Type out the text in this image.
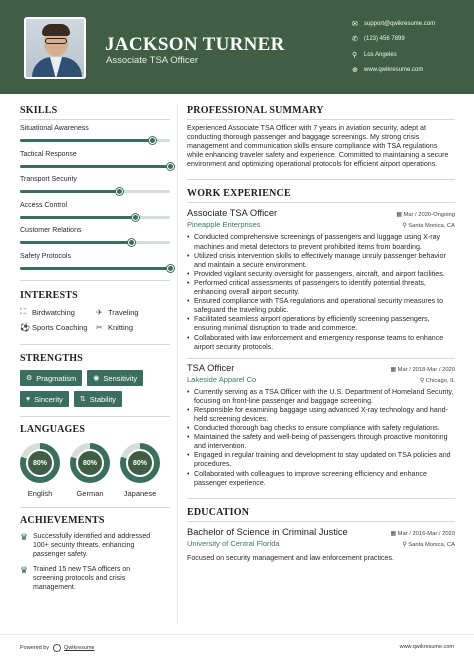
JACKSON TURNER
Associate TSA Officer
✉	support@qwikresume.com
✆	(123) 456 7899
⚲	Los Angeles
⊕	www.qwikresume.com
SKILLS
Situational Awareness
Tactical Response
Transport Security
Access Control
Customer Relations
Safety Protocols
INTERESTS
⛶ Birdwatching	✈ Traveling
⚽ Sports Coaching ✂ Knitting
STRENGTHS
⚙ Pragmatism ◉ Sensitivity
♥ Sincerity ⇅ Stability
LANGUAGES
80%
English
80%
German
80%
Japanese
ACHIEVEMENTS
♛ Successfully identified and addressed 100+ security threats, enhancing passenger safety.
♛ Trained 15 new TSA officers on screening protocols and crisis management.
PROFESSIONAL SUMMARY
Experienced Associate TSA Officer with 7 years in aviation security, adept at conducting thorough passenger and baggage screenings. My strong crisis management and communication skills ensure compliance with TSA regulations while enhancing traveler safety and experience. Committed to maintaining a secure environment and optimizing operational protocols for efficient airport operations.
WORK EXPERIENCE
Associate TSA Officer	▦ Mar / 2020-Ongoing
Pineapple Enterprises	⚲ Santa Monica, CA
• Conducted comprehensive screenings of passengers and luggage using X-ray machines and metal detectors to prevent prohibited items from boarding.
• Utilized crisis intervention skills to effectively manage unruly passenger behavior and maintain a secure environment.
• Provided vigilant security oversight for passengers, aircraft, and airport facilities.
• Performed critical assessments of passengers to identify potential threats, enhancing overall airport security.
• Ensured compliance with TSA regulations and operational security measures to safeguard the traveling public.
• Facilitated seamless airport operations by efficiently screening passengers, ensuring minimal disruption to trade and commerce.
• Collaborated with law enforcement and emergency response teams to enhance airport security protocols.
TSA Officer	▦ Mar / 2018-Mar / 2020
Lakeside Apparel Co	⚲ Chicago, IL
• Currently serving as a TSA Officer with the U.S. Department of Homeland Security, focusing on front-line passenger and baggage screening.
• Responsible for examining baggage using advanced X-ray technology and hand-held screening devices.
• Conducted thorough bag checks to ensure compliance with safety regulations.
• Maintained the safety and well-being of passengers through proactive monitoring and intervention.
• Engaged in regular training and development to stay updated on TSA policies and procedures.
• Collaborated with colleagues to improve screening efficiency and enhance passenger experience.
EDUCATION
Bachelor of Science in Criminal Justice	▦ Mar / 2016-Mar / 2020
University of Central Florida	⚲ Santa Monica, CA
Focused on security management and law enforcement practices.
Powered by	Qwikresume	www.qwikresume.com
